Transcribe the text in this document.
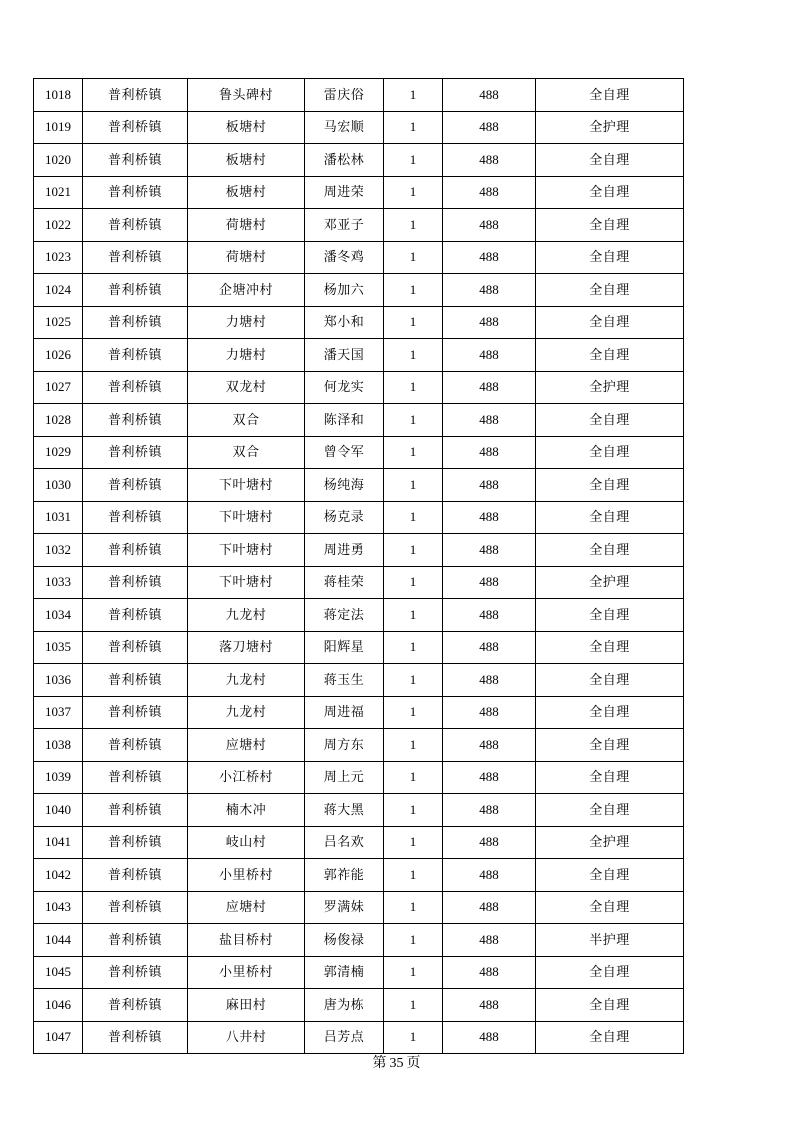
1018	普利桥镇	鲁头碑村	雷庆俗	1	488	全自理
1019	普利桥镇	板塘村	马宏顺	1	488	全护理
1020	普利桥镇	板塘村	潘松林	1	488	全自理
1021	普利桥镇	板塘村	周进荣	1	488	全自理
1022	普利桥镇	荷塘村	邓亚子	1	488	全自理
1023	普利桥镇	荷塘村	潘冬鸡	1	488	全自理
1024	普利桥镇	企塘冲村	杨加六	1	488	全自理
1025	普利桥镇	力塘村	郑小和	1	488	全自理
1026	普利桥镇	力塘村	潘天国	1	488	全自理
1027	普利桥镇	双龙村	何龙实	1	488	全护理
1028	普利桥镇	双合	陈泽和	1	488	全自理
1029	普利桥镇	双合	曾令军	1	488	全自理
1030	普利桥镇	下叶塘村	杨纯海	1	488	全自理
1031	普利桥镇	下叶塘村	杨克录	1	488	全自理
1032	普利桥镇	下叶塘村	周进勇	1	488	全自理
1033	普利桥镇	下叶塘村	蒋桂荣	1	488	全护理
1034	普利桥镇	九龙村	蒋定法	1	488	全自理
1035	普利桥镇	落刀塘村	阳辉星	1	488	全自理
1036	普利桥镇	九龙村	蒋玉生	1	488	全自理
1037	普利桥镇	九龙村	周进福	1	488	全自理
1038	普利桥镇	应塘村	周方东	1	488	全自理
1039	普利桥镇	小江桥村	周上元	1	488	全自理
1040	普利桥镇	楠木冲	蒋大黑	1	488	全自理
1041	普利桥镇	岐山村	吕名欢	1	488	全护理
1042	普利桥镇	小里桥村	郭祚能	1	488	全自理
1043	普利桥镇	应塘村	罗满妹	1	488	全自理
1044	普利桥镇	盐目桥村	杨俊禄	1	488	半护理
1045	普利桥镇	小里桥村	郭清楠	1	488	全自理
1046	普利桥镇	麻田村	唐为栋	1	488	全自理
1047	普利桥镇	八井村	吕芳点	1	488	全自理
第 35 页
